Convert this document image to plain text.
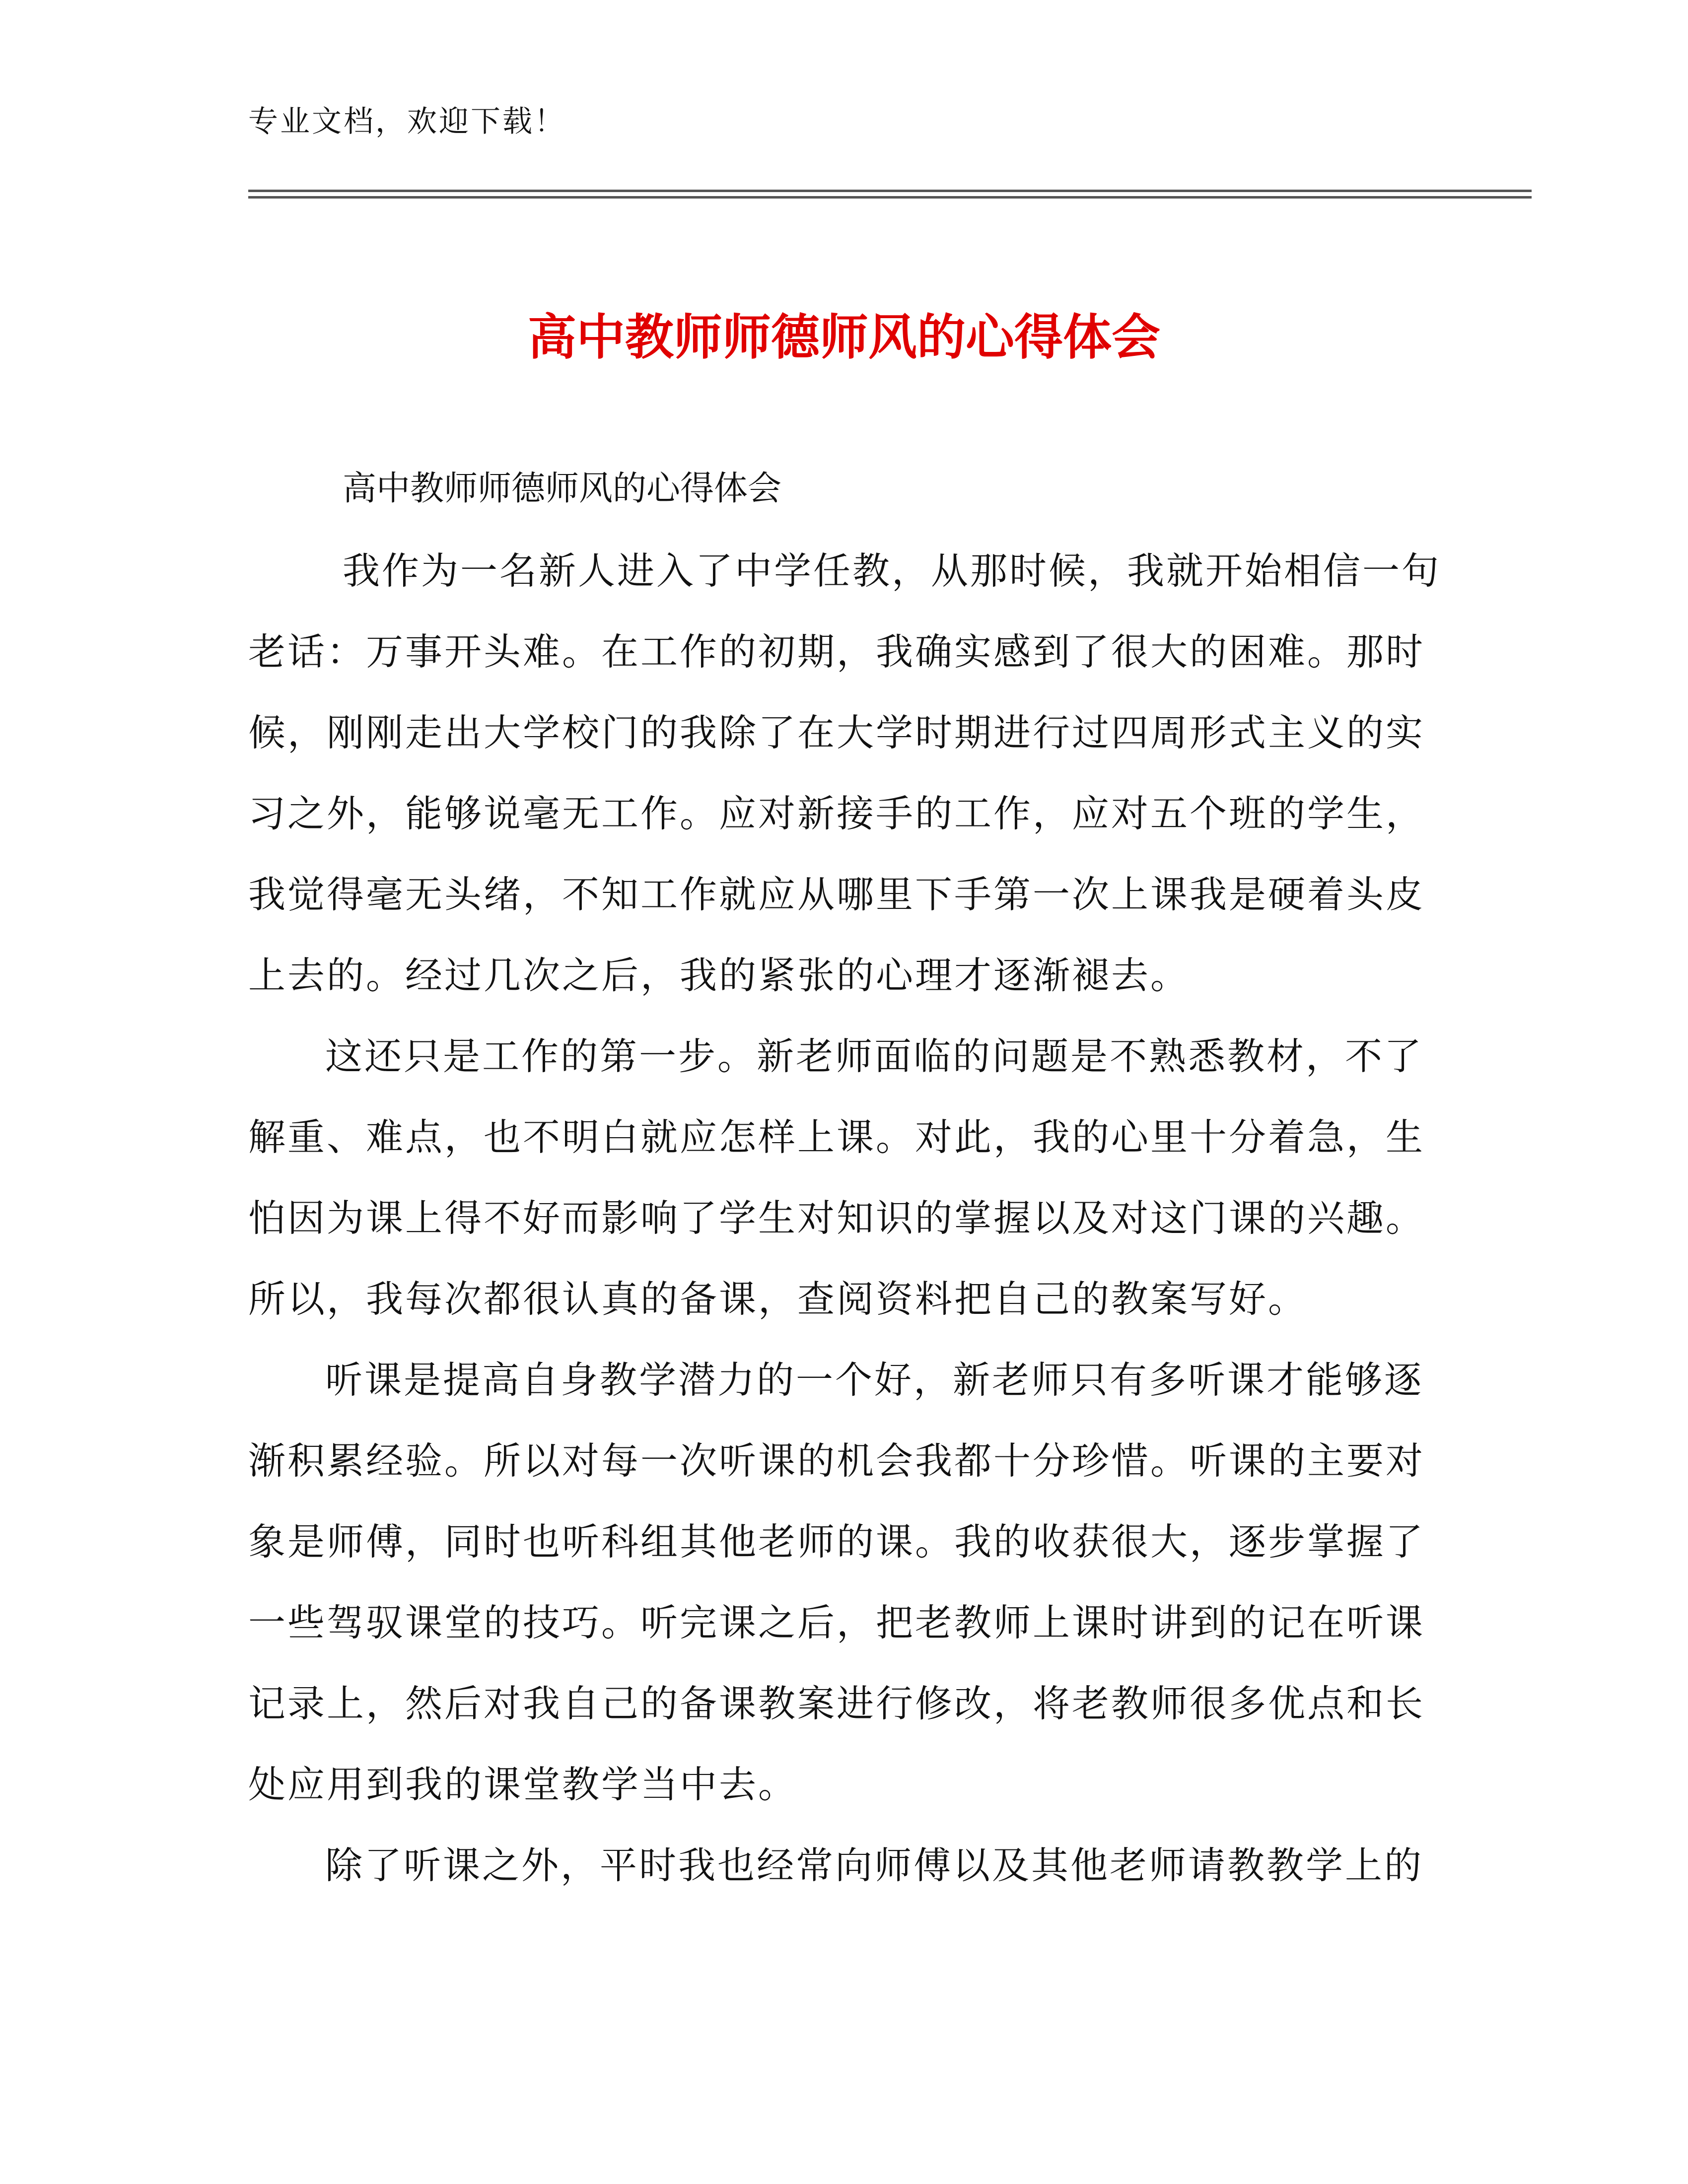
专业文档，欢迎下载！
高中教师师德师风的心得体会
高中教师师德师风的心得体会
我作为一名新人进入了中学任教，从那时候，我就开始相信一句
老话：万事开头难。在工作的初期，我确实感到了很大的困难。那时
候，刚刚走出大学校门的我除了在大学时期进行过四周形式主义的实
习之外，能够说毫无工作。应对新接手的工作，应对五个班的学生，
我觉得毫无头绪，不知工作就应从哪里下手第一次上课我是硬着头皮
上去的。经过几次之后，我的紧张的心理才逐渐褪去。
这还只是工作的第一步。新老师面临的问题是不熟悉教材，不了
解重、难点，也不明白就应怎样上课。对此，我的心里十分着急，生
怕因为课上得不好而影响了学生对知识的掌握以及对这门课的兴趣。
所以，我每次都很认真的备课，查阅资料把自己的教案写好。
听课是提高自身教学潜力的一个好，新老师只有多听课才能够逐
渐积累经验。所以对每一次听课的机会我都十分珍惜。听课的主要对
象是师傅，同时也听科组其他老师的课。我的收获很大，逐步掌握了
一些驾驭课堂的技巧。听完课之后，把老教师上课时讲到的记在听课
记录上，然后对我自己的备课教案进行修改，将老教师很多优点和长
处应用到我的课堂教学当中去。
除了听课之外，平时我也经常向师傅以及其他老师请教教学上的
